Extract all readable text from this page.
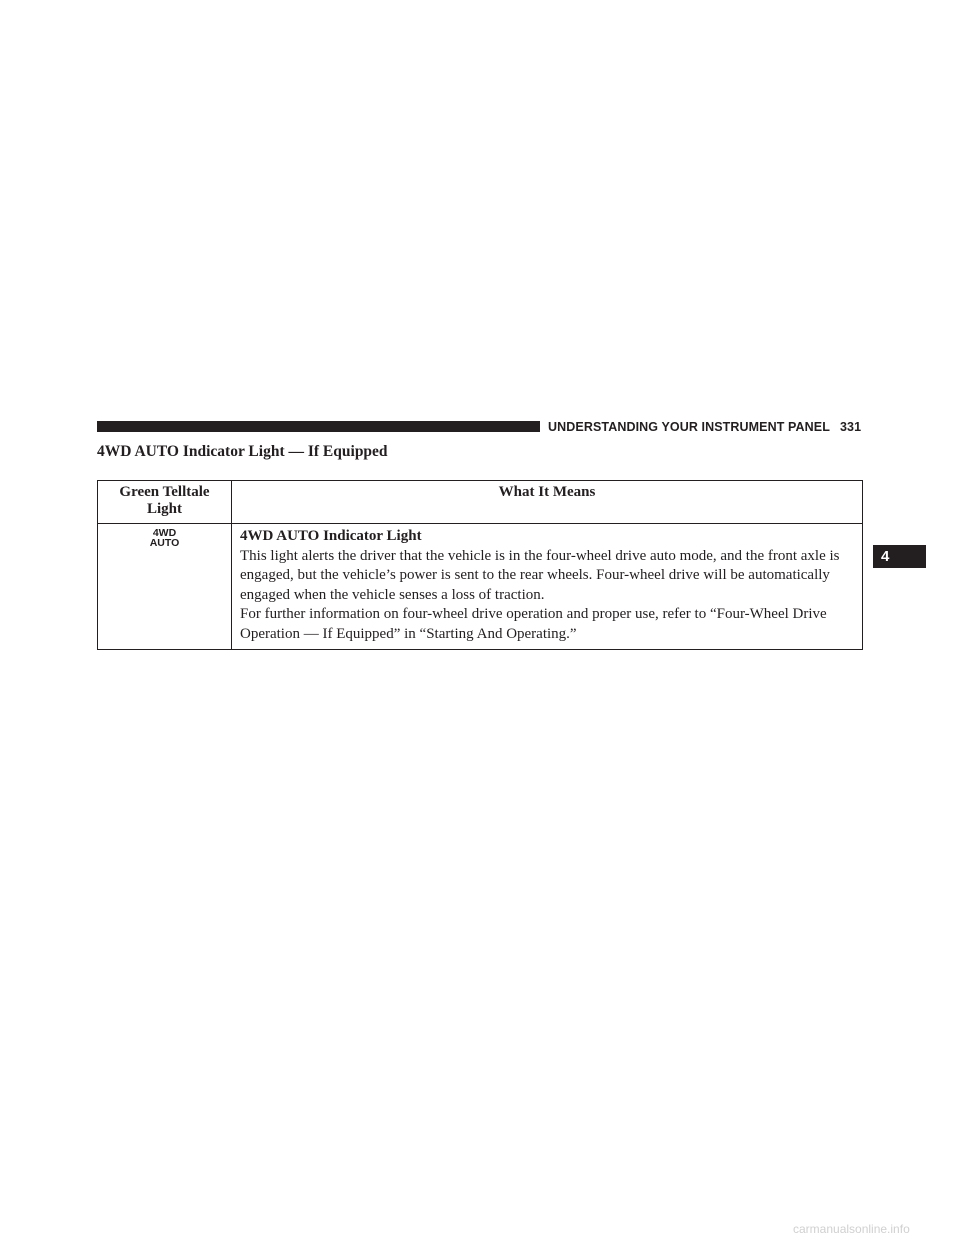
UNDERSTANDING YOUR INSTRUMENT PANEL 331
4WD AUTO Indicator Light — If Equipped
4
Green Telltale Light	What It Means

4WD
AUTO	4WD AUTO Indicator Light
This light alerts the driver that the vehicle is in the four-wheel drive auto mode, and the front axle is engaged, but the vehicle’s power is sent to the rear wheels. Four-wheel drive will be automatically engaged when the vehicle senses a loss of traction.
For further information on four-wheel drive operation and proper use, refer to “Four-Wheel Drive Operation — If Equipped” in “Starting And Operating.”
carmanualsonline.info
